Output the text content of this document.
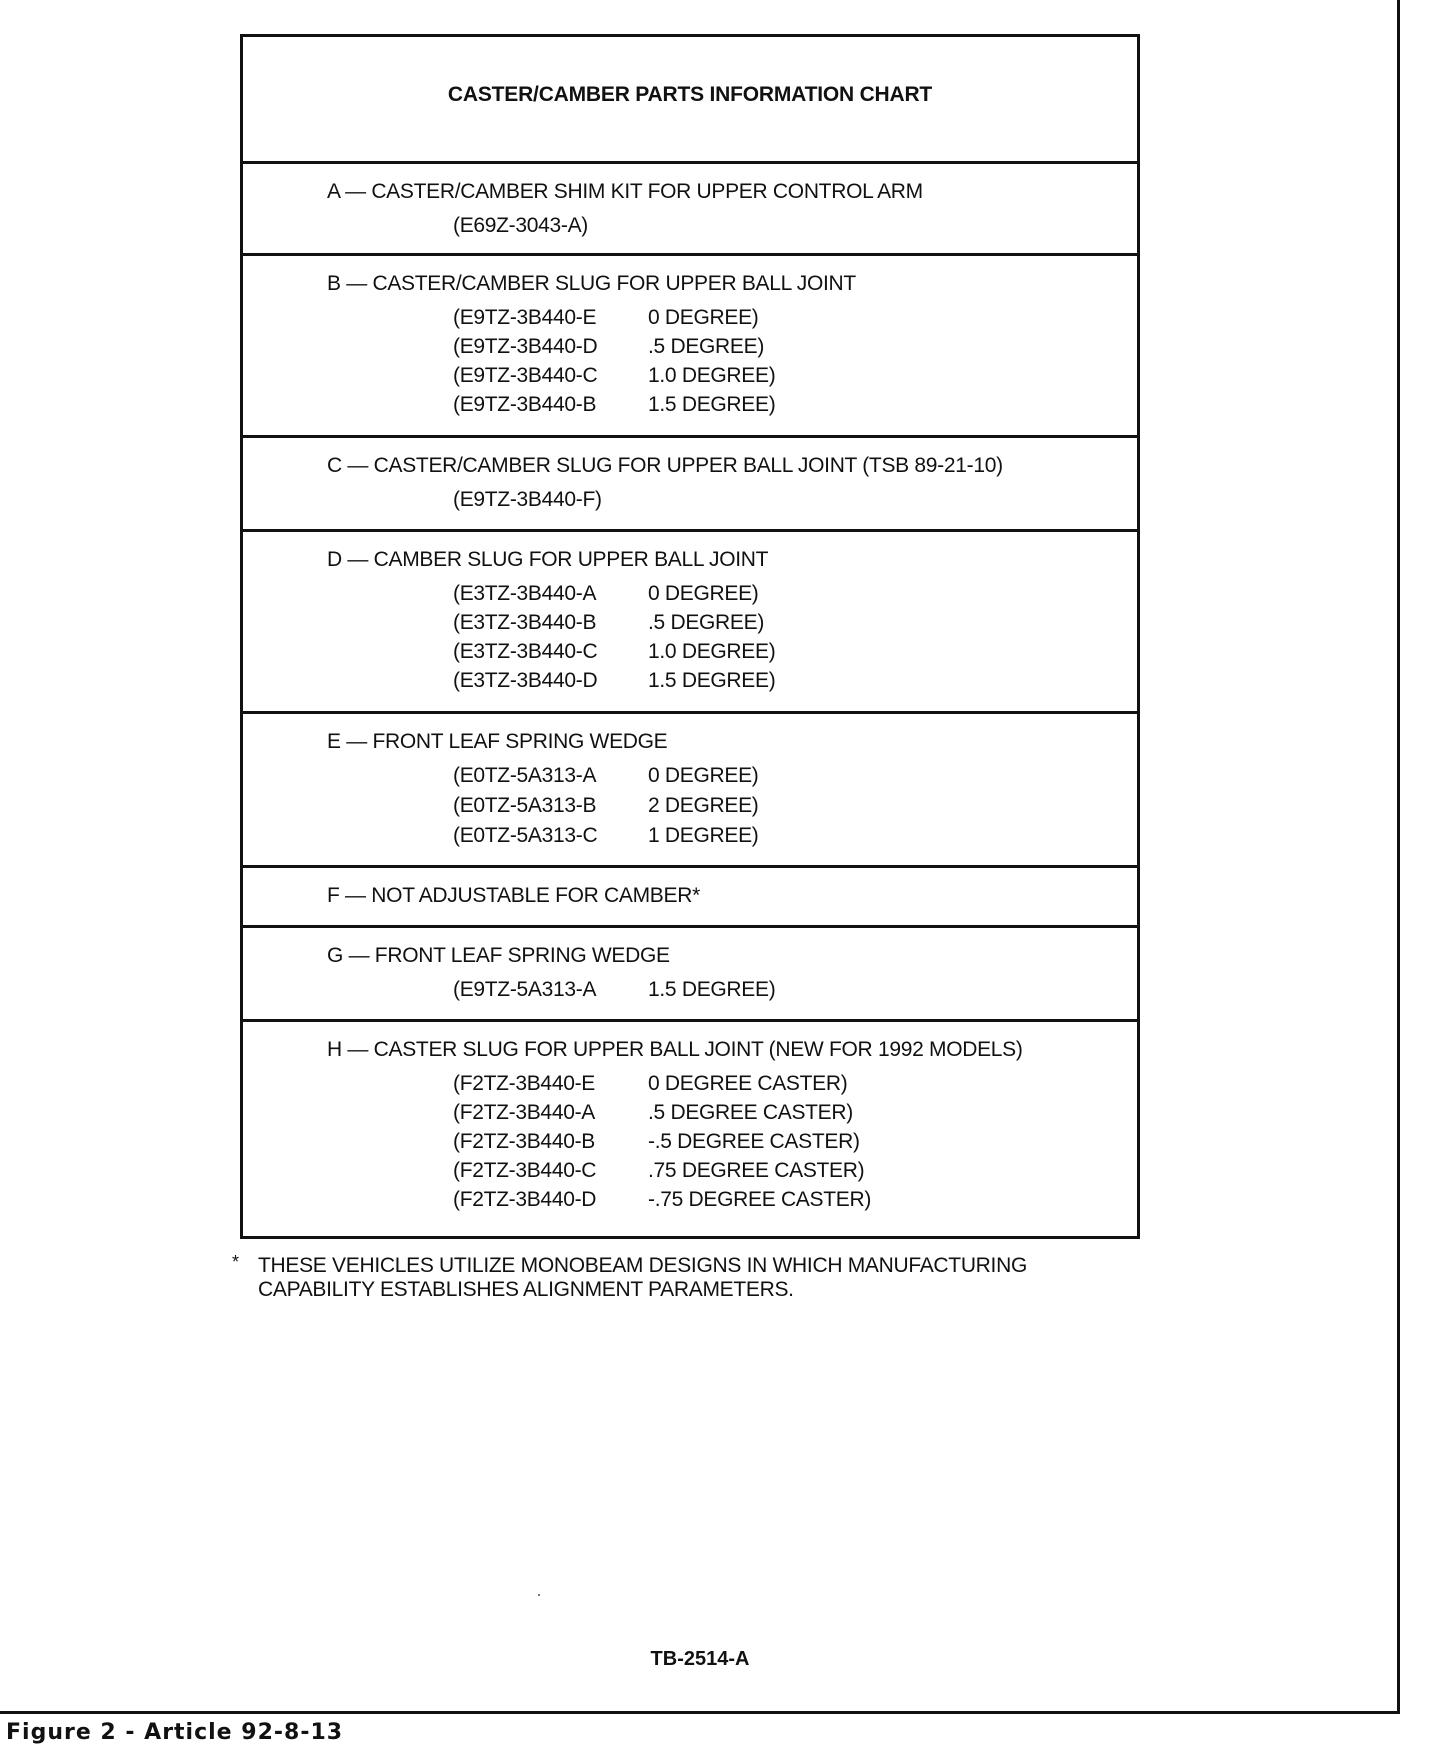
CASTER/CAMBER PARTS INFORMATION CHART
A — CASTER/CAMBER SHIM KIT FOR UPPER CONTROL ARM
(E69Z-3043-A)
B — CASTER/CAMBER SLUG FOR UPPER BALL JOINT
(E9TZ-3B440-E	0 DEGREE)
(E9TZ-3B440-D	.5 DEGREE)
(E9TZ-3B440-C	1.0 DEGREE)
(E9TZ-3B440-B	1.5 DEGREE)
C — CASTER/CAMBER SLUG FOR UPPER BALL JOINT (TSB 89-21-10)
(E9TZ-3B440-F)
D — CAMBER SLUG FOR UPPER BALL JOINT
(E3TZ-3B440-A	0 DEGREE)
(E3TZ-3B440-B	.5 DEGREE)
(E3TZ-3B440-C	1.0 DEGREE)
(E3TZ-3B440-D	1.5 DEGREE)
E — FRONT LEAF SPRING WEDGE
(E0TZ-5A313-A	0 DEGREE)
(E0TZ-5A313-B	2 DEGREE)
(E0TZ-5A313-C	1 DEGREE)
F — NOT ADJUSTABLE FOR CAMBER*
G — FRONT LEAF SPRING WEDGE
(E9TZ-5A313-A	1.5 DEGREE)
H — CASTER SLUG FOR UPPER BALL JOINT (NEW FOR 1992 MODELS)
(F2TZ-3B440-E	0 DEGREE CASTER)
(F2TZ-3B440-A	.5 DEGREE CASTER)
(F2TZ-3B440-B	-.5 DEGREE CASTER)
(F2TZ-3B440-C	.75 DEGREE CASTER)
(F2TZ-3B440-D	-.75 DEGREE CASTER)
* THESE VEHICLES UTILIZE MONOBEAM DESIGNS IN WHICH MANUFACTURING CAPABILITY ESTABLISHES ALIGNMENT PARAMETERS.
TB-2514-A
Figure 2 - Article 92-8-13
